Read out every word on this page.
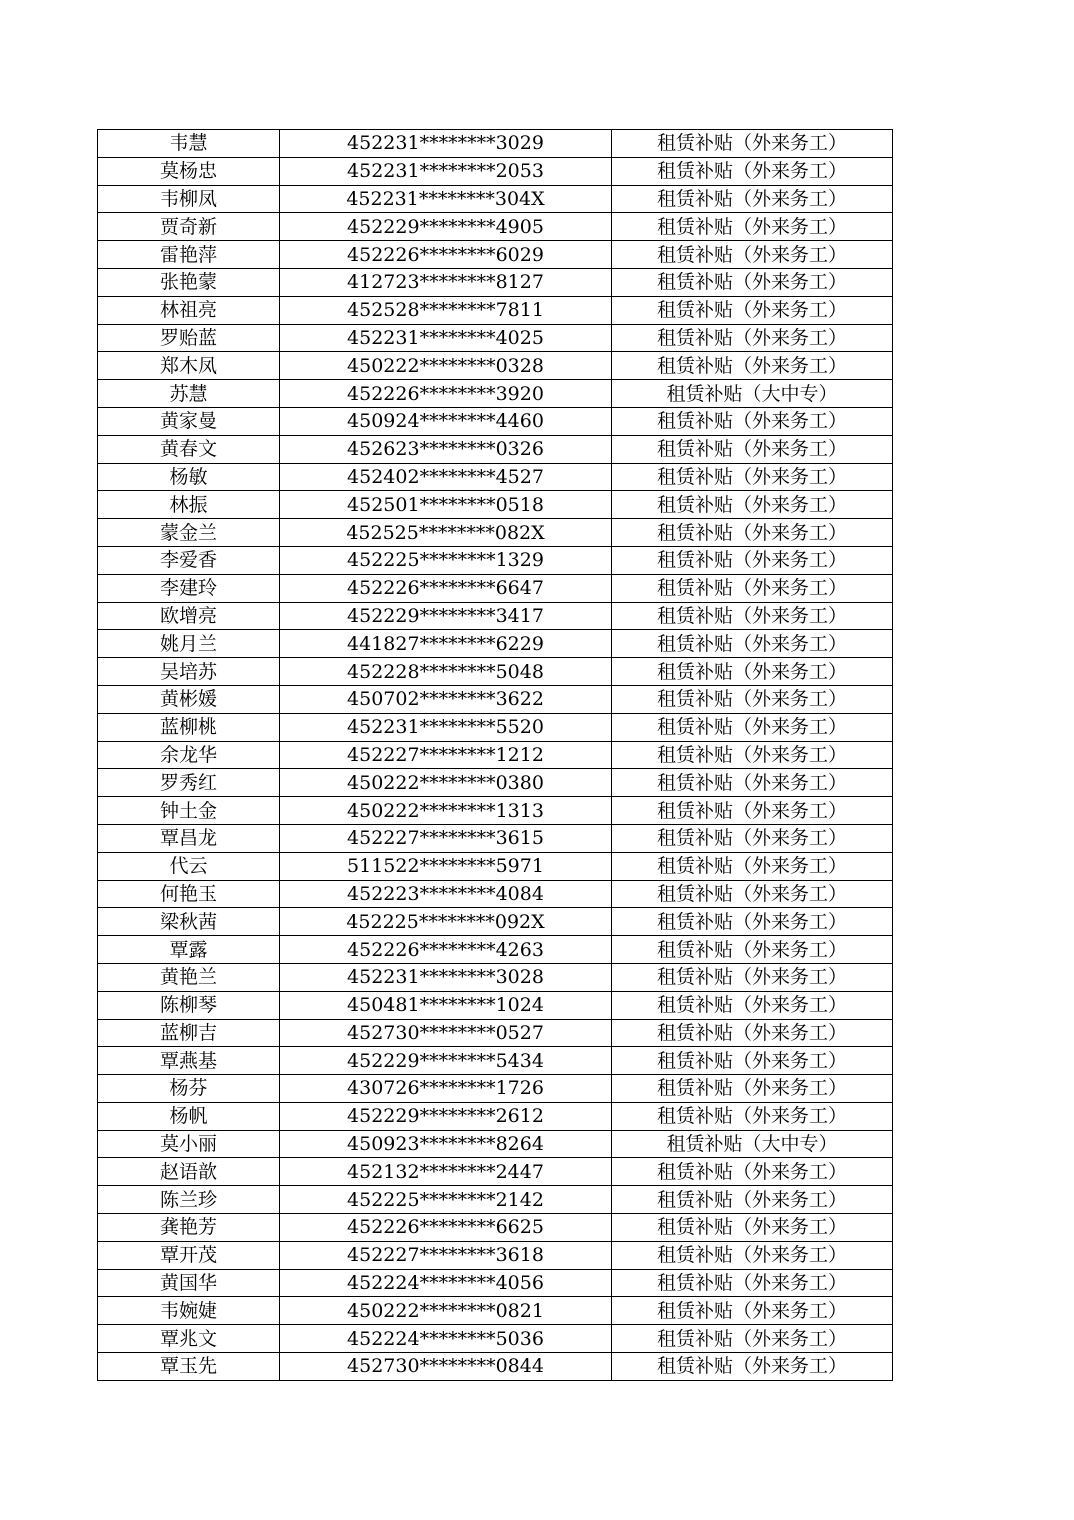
韦慧	452231********3029	租赁补贴（外来务工）
莫杨忠	452231********2053	租赁补贴（外来务工）
韦柳凤	452231********304X	租赁补贴（外来务工）
贾奇新	452229********4905	租赁补贴（外来务工）
雷艳萍	452226********6029	租赁补贴（外来务工）
张艳蒙	412723********8127	租赁补贴（外来务工）
林祖亮	452528********7811	租赁补贴（外来务工）
罗贻蓝	452231********4025	租赁补贴（外来务工）
郑木凤	450222********0328	租赁补贴（外来务工）
苏慧	452226********3920	租赁补贴（大中专）
黄家曼	450924********4460	租赁补贴（外来务工）
黄春文	452623********0326	租赁补贴（外来务工）
杨敏	452402********4527	租赁补贴（外来务工）
林振	452501********0518	租赁补贴（外来务工）
蒙金兰	452525********082X	租赁补贴（外来务工）
李爱香	452225********1329	租赁补贴（外来务工）
李建玲	452226********6647	租赁补贴（外来务工）
欧增亮	452229********3417	租赁补贴（外来务工）
姚月兰	441827********6229	租赁补贴（外来务工）
吴培苏	452228********5048	租赁补贴（外来务工）
黄彬媛	450702********3622	租赁补贴（外来务工）
蓝柳桃	452231********5520	租赁补贴（外来务工）
余龙华	452227********1212	租赁补贴（外来务工）
罗秀红	450222********0380	租赁补贴（外来务工）
钟土金	450222********1313	租赁补贴（外来务工）
覃昌龙	452227********3615	租赁补贴（外来务工）
代云	511522********5971	租赁补贴（外来务工）
何艳玉	452223********4084	租赁补贴（外来务工）
梁秋茜	452225********092X	租赁补贴（外来务工）
覃露	452226********4263	租赁补贴（外来务工）
黄艳兰	452231********3028	租赁补贴（外来务工）
陈柳琴	450481********1024	租赁补贴（外来务工）
蓝柳吉	452730********0527	租赁补贴（外来务工）
覃燕基	452229********5434	租赁补贴（外来务工）
杨芬	430726********1726	租赁补贴（外来务工）
杨帆	452229********2612	租赁补贴（外来务工）
莫小丽	450923********8264	租赁补贴（大中专）
赵语歆	452132********2447	租赁补贴（外来务工）
陈兰珍	452225********2142	租赁补贴（外来务工）
龚艳芳	452226********6625	租赁补贴（外来务工）
覃开茂	452227********3618	租赁补贴（外来务工）
黄国华	452224********4056	租赁补贴（外来务工）
韦婉婕	450222********0821	租赁补贴（外来务工）
覃兆文	452224********5036	租赁补贴（外来务工）
覃玉先	452730********0844	租赁补贴（外来务工）
